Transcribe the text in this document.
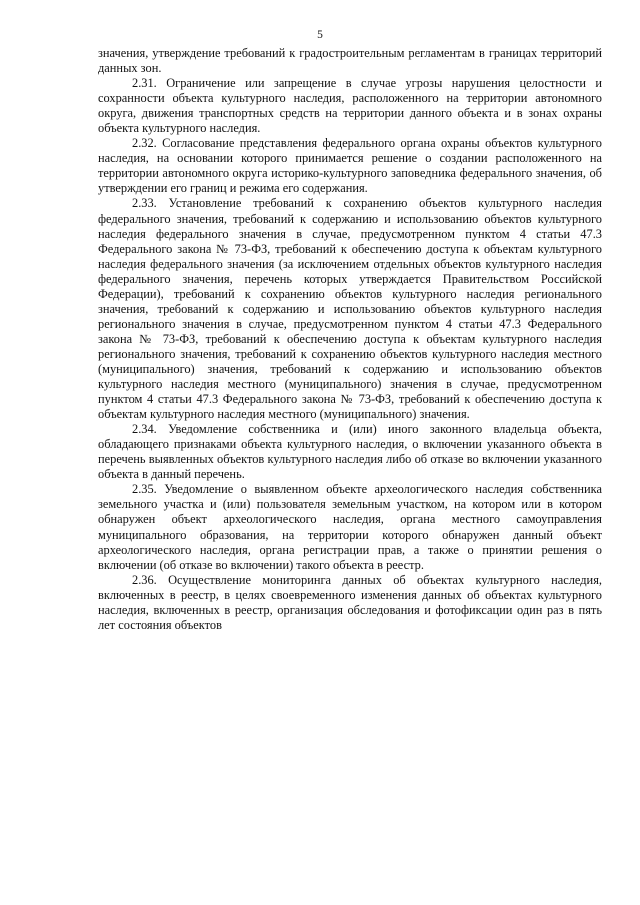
5

значения, утверждение требований к градостроительным регламентам в границах территорий данных зон.

2.31. Ограничение или запрещение в случае угрозы нарушения целостности и сохранности объекта культурного наследия, расположенного на территории автономного округа, движения транспортных средств на территории данного объекта и в зонах охраны объекта культурного наследия.

2.32. Согласование представления федерального органа охраны объектов культурного наследия, на основании которого принимается решение о создании расположенного на территории автономного округа историко-культурного заповедника федерального значения, об утверждении его границ и режима его содержания.

2.33. Установление требований к сохранению объектов культурного наследия федерального значения, требований к содержанию и использованию объектов культурного наследия федерального значения в случае, предусмотренном пунктом 4 статьи 47.3 Федерального закона № 73-ФЗ, требований к обеспечению доступа к объектам культурного наследия федерального значения (за исключением отдельных объектов культурного наследия федерального значения, перечень которых утверждается Правительством Российской Федерации), требований к сохранению объектов культурного наследия регионального значения, требований к содержанию и использованию объектов культурного наследия регионального значения в случае, предусмотренном пунктом 4 статьи 47.3 Федерального закона № 73-ФЗ, требований к обеспечению доступа к объектам культурного наследия регионального значения, требований к сохранению объектов культурного наследия местного (муниципального) значения, требований к содержанию и использованию объектов культурного наследия местного (муниципального) значения в случае, предусмотренном пунктом 4 статьи 47.3 Федерального закона № 73-ФЗ, требований к обеспечению доступа к объектам культурного наследия местного (муниципального) значения.

2.34. Уведомление собственника и (или) иного законного владельца объекта, обладающего признаками объекта культурного наследия, о включении указанного объекта в перечень выявленных объектов культурного наследия либо об отказе во включении указанного объекта в данный перечень.

2.35. Уведомление о выявленном объекте археологического наследия собственника земельного участка и (или) пользователя земельным участком, на котором или в котором обнаружен объект археологического наследия, органа местного самоуправления муниципального образования, на территории которого обнаружен данный объект археологического наследия, органа регистрации прав, а также о принятии решения о включении (об отказе во включении) такого объекта в реестр.

2.36. Осуществление мониторинга данных об объектах культурного наследия, включенных в реестр, в целях своевременного изменения данных об объектах культурного наследия, включенных в реестр, организация обследования и фотофиксации один раз в пять лет состояния объектов
